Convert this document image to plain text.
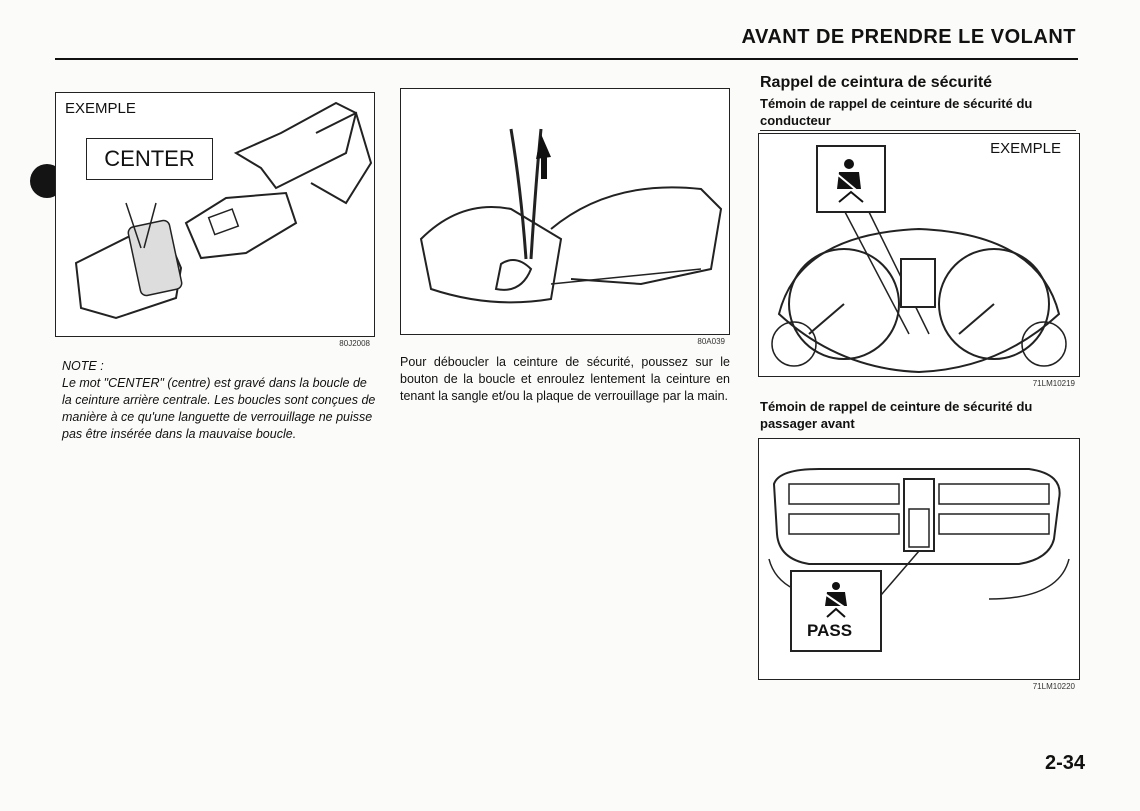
AVANT DE PRENDRE LE VOLANT
EXEMPLE
CENTER
80J2008

NOTE :

Le mot "CENTER" (centre) est gravé dans la boucle de la ceinture arrière centrale. Les boucles sont conçues de manière à ce qu'une languette de verrouillage ne puisse pas être insérée dans la mauvaise boucle.

80A039
Pour déboucler la ceinture de sécurité, poussez sur le bouton de la boucle et enroulez lentement la ceinture en tenant la sangle et/ou la plaque de verrouillage par la main.
Rappel de ceintura de sécurité
Témoin de rappel de ceinture de sécurité du conducteur
EXEMPLE
71LM10219
Témoin de rappel de ceinture de sécurité du passager avant
PASS
71LM10220
2-34
